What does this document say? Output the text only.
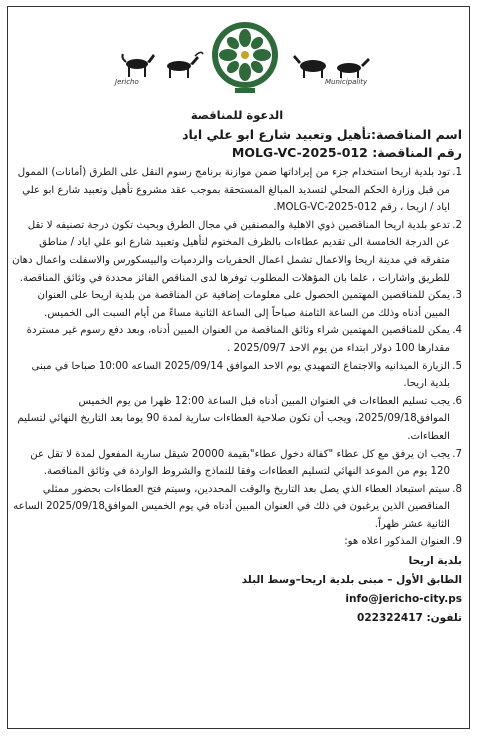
Jericho	Municipality

الدعوة للمناقصة

اسم المناقصة:تأهيل وتعبيد شارع ابو علي اياد

رقم المناقصة: MOLG-VC-2025-012

1.
تود بلدية اريحا استخدام جزء من إيراداتها ضمن موازنة برنامج رسوم النقل على الطرق (أمانات) الممول من قبل وزارة الحكم المحلي لتسديد المبالغ المستحقة بموجب عقد مشروع تأهيل وتعبيد شارع ابو علي اياد / اريحا ، رقم MOLG-VC-2025-012.

2.
تدعو بلدية اريحا المناقصين ذوي الاهلية والمصنفين في مجال الطرق وبحيث تكون درجة تصنيفه لا تقل عن الدرجة الخامسة الى تقديم عطاءات بالظرف المختوم لتأهيل وتعبيد شارع ابو علي اياد / مناطق متفرقه في مدينة اريحا والاعمال تشمل اعمال الحفريات والردميات والبيسكورس والاسفلت واعمال دهان للطريق واشارات ، علما بان المؤهلات المطلوب توفرها لدى المناقص الفائز محددة في وثائق المناقصة.

3.
يمكن للمناقصين المهتمين الحصول على معلومات إضافية عن المناقصة من بلدية اريحا على العنوان المبين أدناه وذلك من الساعة الثامنة صباحاً إلى الساعة الثانية مساءً من أيام السبت الى الخميس.

4.
يمكن للمناقصين المهتمين شراء وثائق المناقصة من العنوان المبين أدناه، وبعد دفع رسوم غير مستردة مقدارها 100 دولار ابتداء من يوم الاحد 2025/09/7 .

5.
الزيارة الميدانيه والاجتماع التمهيدي يوم الاحد الموافق 2025/09/14 الساعه 10:00 صباحا في مبنى بلدية اريحا.

6.
يجب تسليم العطاءات في العنوان المبين أدناه قبل الساعة 12:00 ظهرا من يوم الخميس الموافق2025/09/18، ويجب أن تكون صلاحية العطاءات سارية لمدة 90 يوما بعد التاريخ النهائي لتسليم العطاءات.

7.
يجب ان يرفق مع كل عطاء "كفالة دخول عطاء"بقيمة 20000 شيقل سارية المفعول لمدة لا تقل عن 120 يوم من الموعد النهائي لتسليم العطاءات وفقا للنماذج والشروط الواردة في وثائق المناقصة.

8.
سيتم استبعاد العطاء الذي يصل بعد التاريخ والوقت المحددين، وسيتم فتح العطاءات بحضور ممثلي المناقصين الذين يرغبون في ذلك في العنوان المبين أدناه في يوم الخميس الموافق2025/09/18 الساعه الثانية عشر ظهراً.

9.
العنوان المذكور اعلاه هو:

بلدية اريحا
الطابق الأول – مبنى بلدية اريحا–وسط البلد
info@jericho-city.ps
تلفون: 022322417
